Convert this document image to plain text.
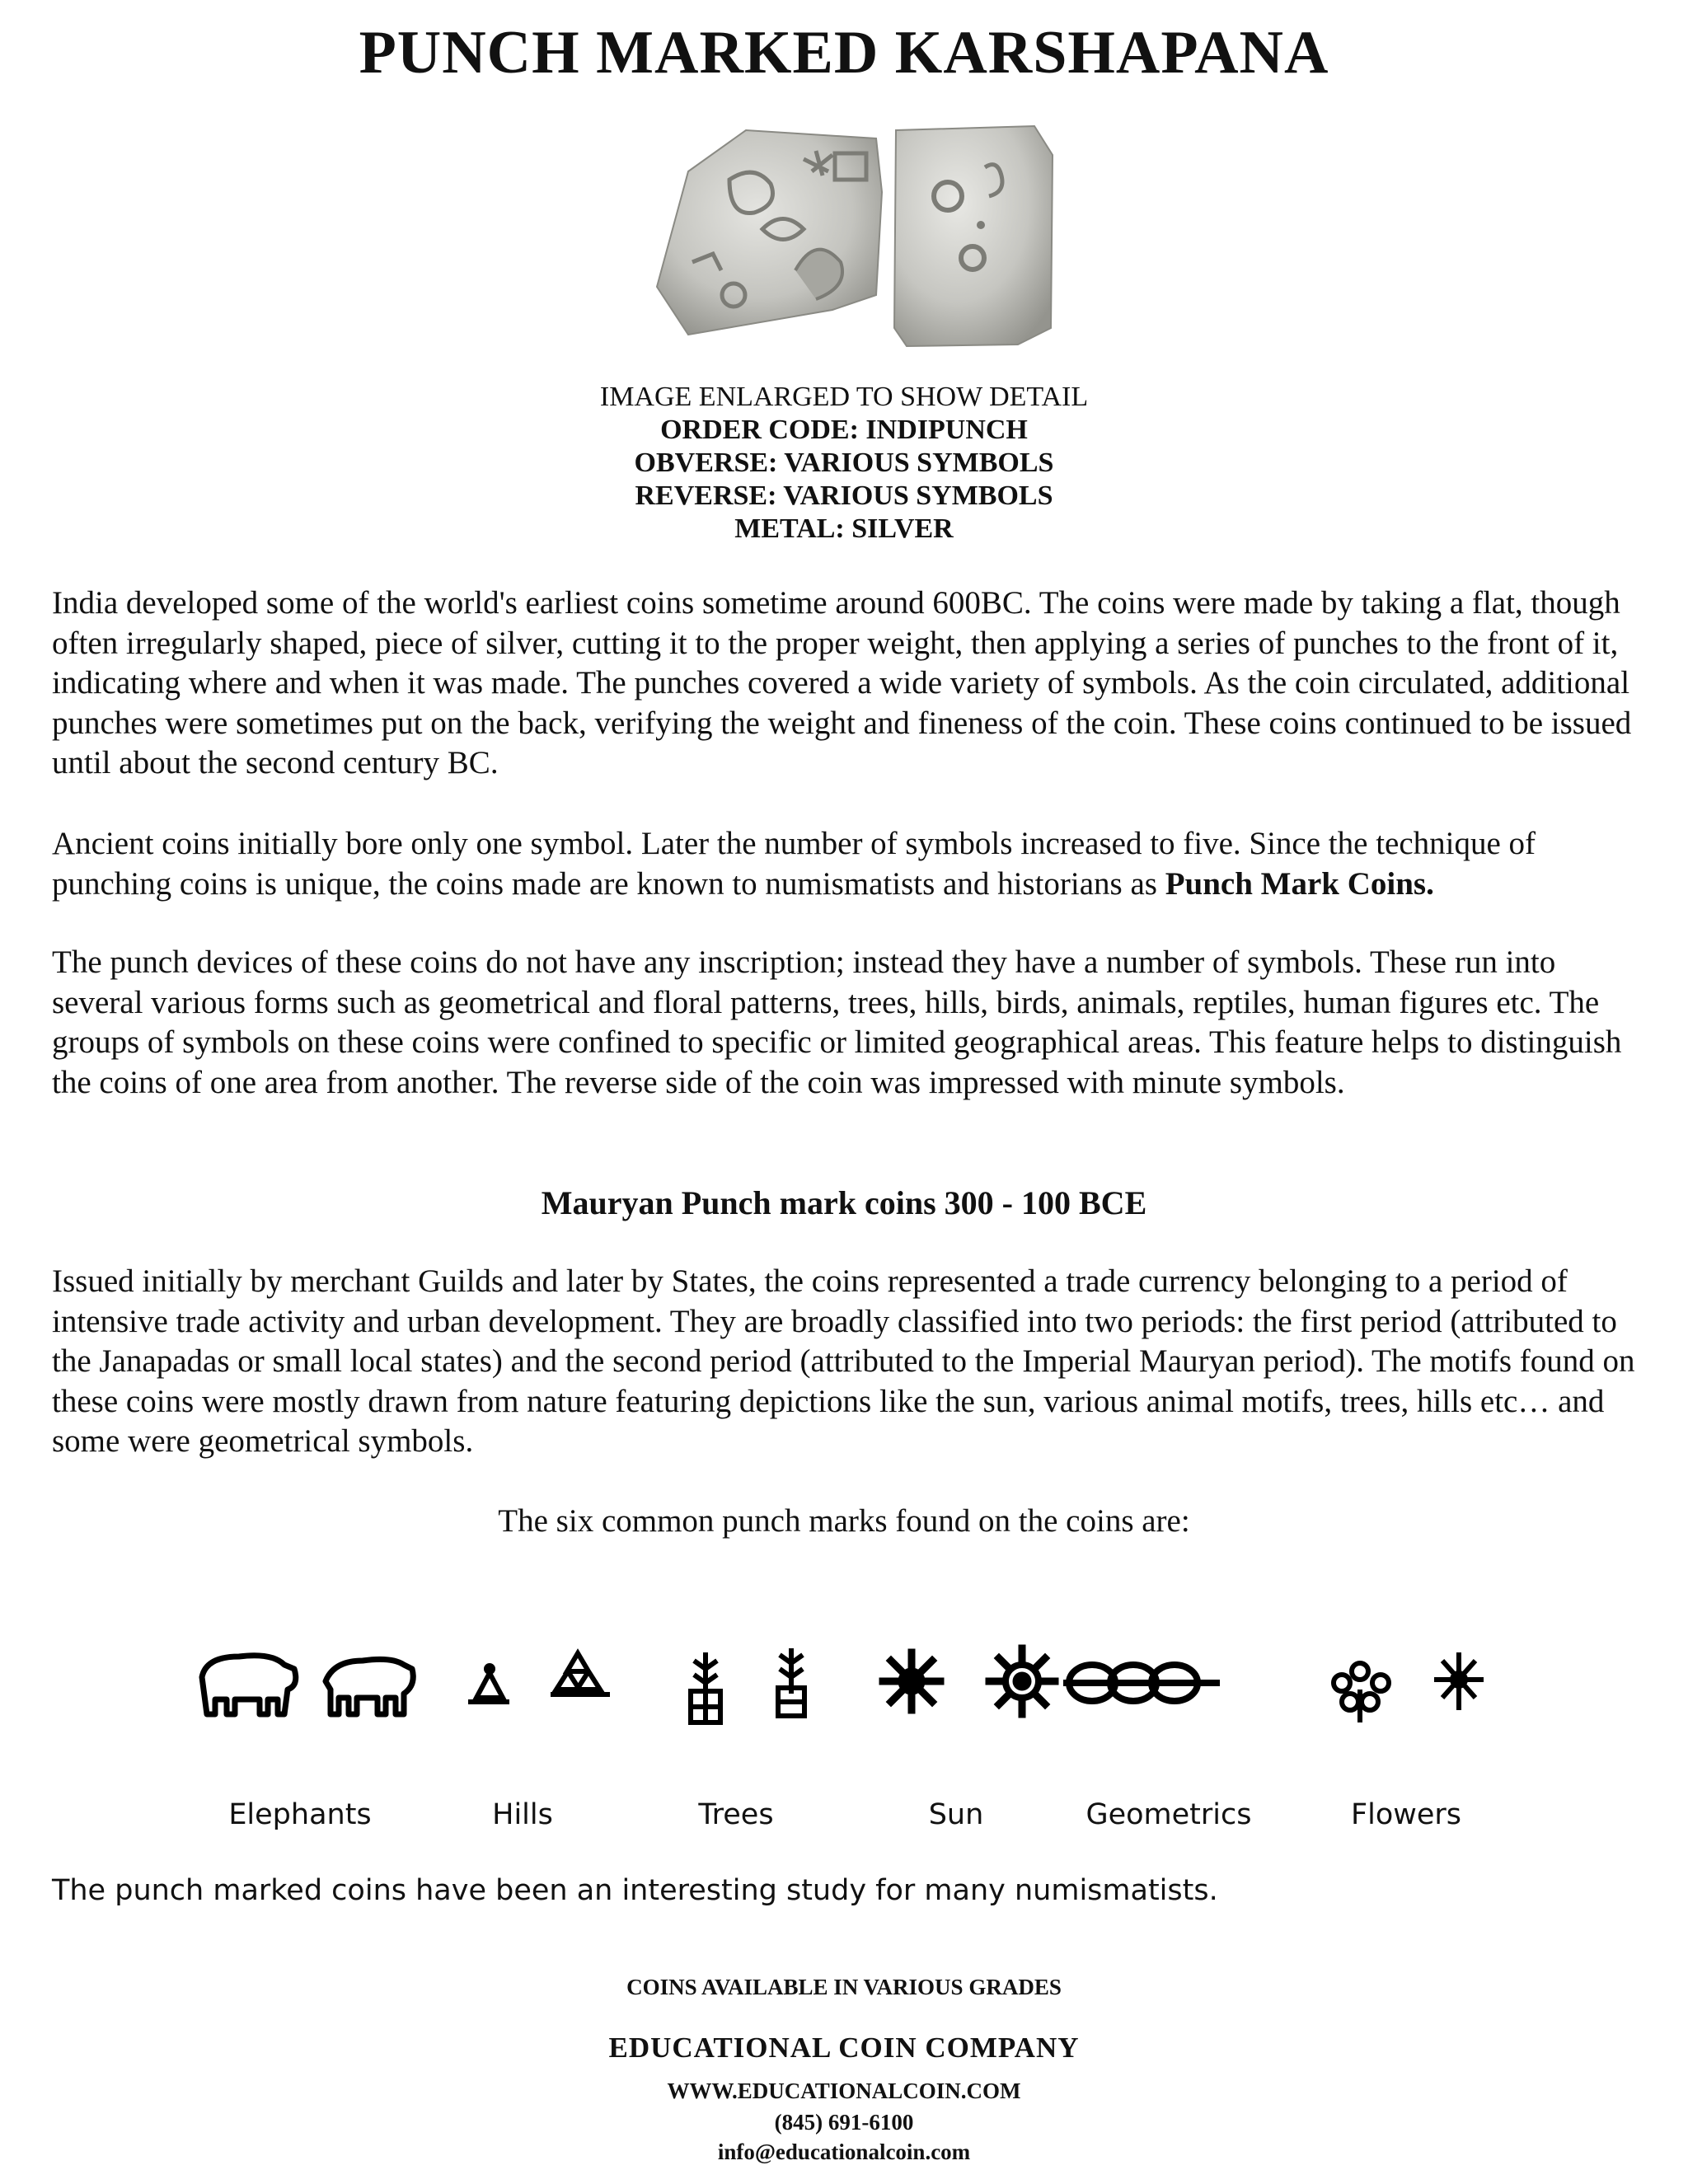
PUNCH MARKED KARSHAPANA
IMAGE ENLARGED TO SHOW DETAIL
ORDER CODE: INDIPUNCH
OBVERSE: VARIOUS SYMBOLS
REVERSE: VARIOUS SYMBOLS
METAL: SILVER
India developed some of the world's earliest coins sometime around 600BC. The coins were made by taking a flat, though often irregularly shaped, piece of silver, cutting it to the proper weight, then applying a series of punches to the front of it, indicating where and when it was made. The punches covered a wide variety of symbols. As the coin circulated, additional punches were sometimes put on the back, verifying the weight and fineness of the coin. These coins continued to be issued until about the second century BC.
Ancient coins initially bore only one symbol. Later the number of symbols increased to five. Since the technique of punching coins is unique, the coins made are known to numismatists and historians as Punch Mark Coins.
The punch devices of these coins do not have any inscription; instead they have a number of symbols. These run into several various forms such as geometrical and floral patterns, trees, hills, birds, animals, reptiles, human figures etc. The groups of symbols on these coins were confined to specific or limited geographical areas. This feature helps to distinguish the coins of one area from another. The reverse side of the coin was impressed with minute symbols.
Mauryan Punch mark coins 300 - 100 BCE
Issued initially by merchant Guilds and later by States, the coins represented a trade currency belonging to a period of intensive trade activity and urban development. They are broadly classified into two periods: the first period (attributed to the Janapadas or small local states) and the second period (attributed to the Imperial Mauryan period). The motifs found on these coins were mostly drawn from nature featuring depictions like the sun, various animal motifs, trees, hills etc… and some were geometrical symbols.
The six common punch marks found on the coins are:
Elephants	Hills	Trees	Sun	Geometrics	Flowers
The punch marked coins have been an interesting study for many numismatists.
COINS AVAILABLE IN VARIOUS GRADES
EDUCATIONAL COIN COMPANY
WWW.EDUCATIONALCOIN.COM
(845) 691-6100
info@educationalcoin.com
